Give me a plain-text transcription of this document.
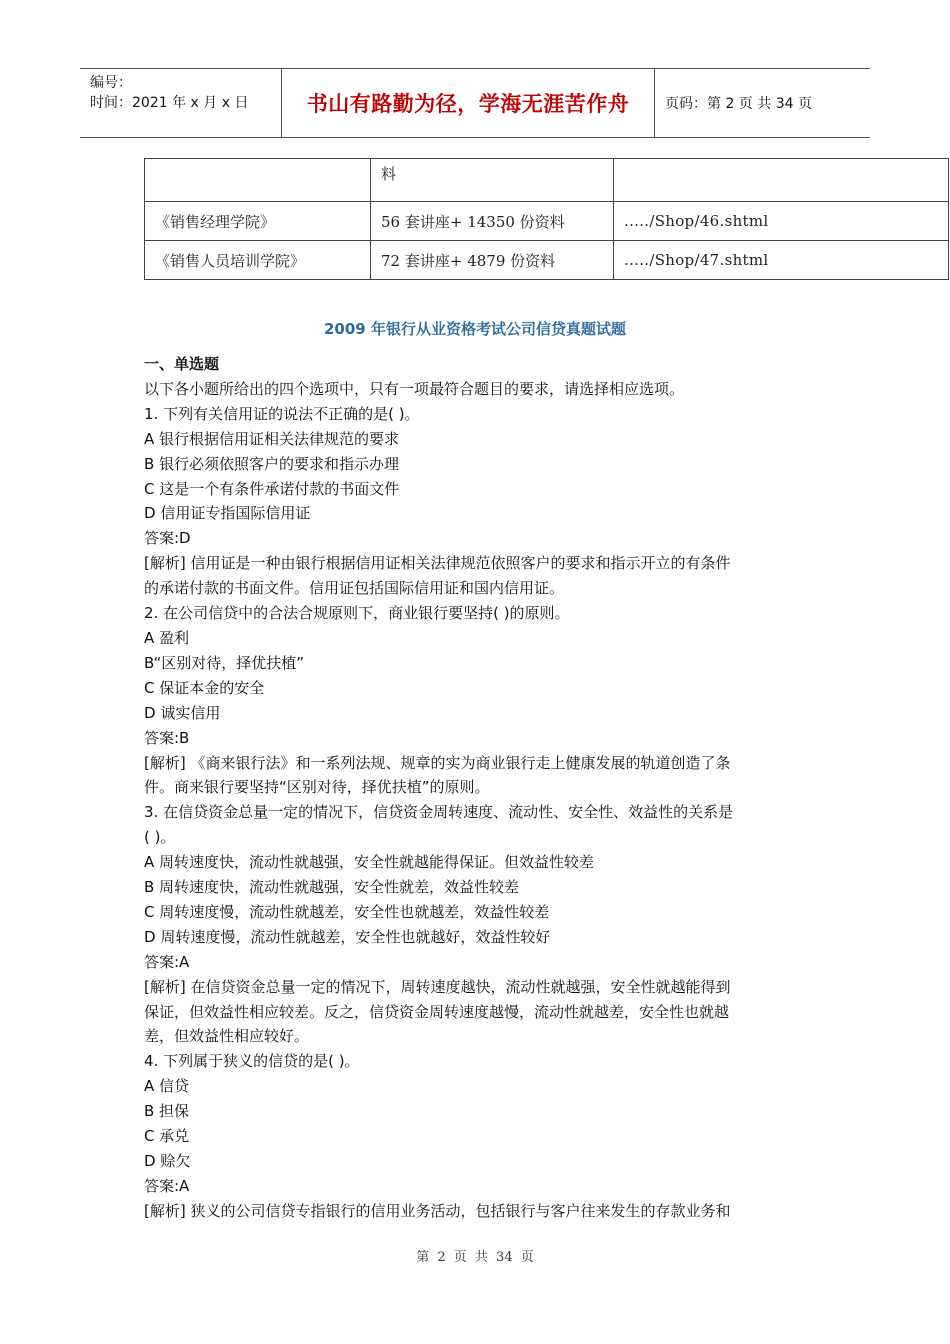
编号：
时间：2021 年 x 月 x 日	书山有路勤为径，学海无涯苦作舟	页码：第 2 页 共 34 页
	料	
《销售经理学院》	56 套讲座+ 14350 份资料	...../Shop/46.shtml
《销售人员培训学院》	72 套讲座+ 4879 份资料	...../Shop/47.shtml
2009 年银行从业资格考试公司信贷真题试题

一、单选题

以下各小题所给出的四个选项中，只有一项最符合题目的要求，请选择相应选项。

1. 下列有关信用证的说法不正确的是( )。

A 银行根据信用证相关法律规范的要求

B 银行必须依照客户的要求和指示办理

C 这是一个有条件承诺付款的书面文件

D 信用证专指国际信用证

答案:D

[解析] 信用证是一种由银行根据信用证相关法律规范依照客户的要求和指示开立的有条件

的承诺付款的书面文件。信用证包括国际信用证和国内信用证。

2. 在公司信贷中的合法合规原则下，商业银行要坚持( )的原则。

A 盈利

B“区别对待，择优扶植”

C 保证本金的安全

D 诚实信用

答案:B

[解析] 《商来银行法》和一系列法规、规章的实为商业银行走上健康发展的轨道创造了条

件。商来银行要坚持“区别对待，择优扶植”的原则。

3. 在信贷资金总量一定的情况下，信贷资金周转速度、流动性、安全性、效益性的关系是

( )。

A 周转速度快，流动性就越强，安全性就越能得保证。但效益性较差

B 周转速度快，流动性就越强，安全性就差，效益性较差

C 周转速度慢，流动性就越差，安全性也就越差，效益性较差

D 周转速度慢，流动性就越差，安全性也就越好，效益性较好

答案:A

[解析] 在信贷资金总量一定的情况下，周转速度越快，流动性就越强，安全性就越能得到

保证，但效益性相应较差。反之，信贷资金周转速度越慢，流动性就越差，安全性也就越

差，但效益性相应较好。

4. 下列属于狭义的信贷的是( )。

A 信贷

B 担保

C 承兑

D 赊欠

答案:A

[解析] 狭义的公司信贷专指银行的信用业务活动，包括银行与客户往来发生的存款业务和

第 2 页 共 34 页
